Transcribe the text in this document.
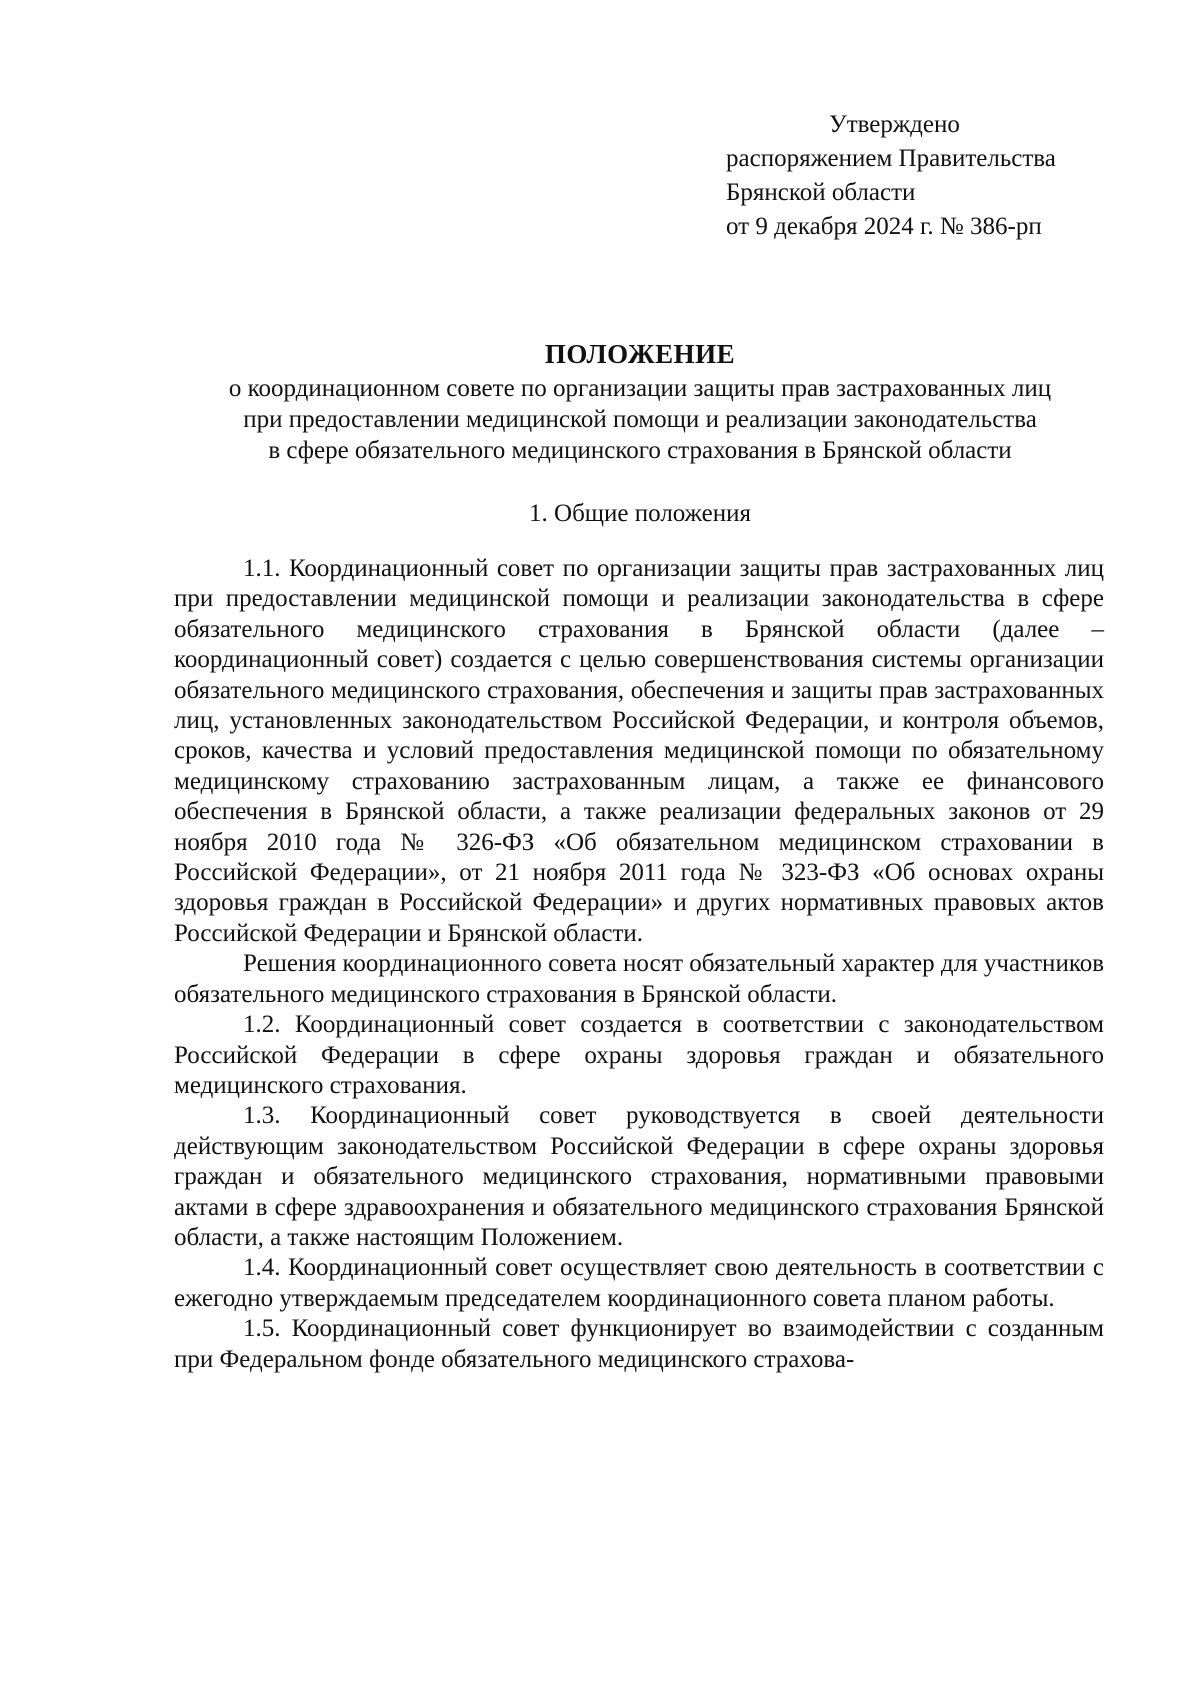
Утверждено
распоряжением Правительства
Брянской области
от 9 декабря 2024 г. № 386-рп
ПОЛОЖЕНИЕ
о координационном совете по организации защиты прав застрахованных лиц
при предоставлении медицинской помощи и реализации законодательства
в сфере обязательного медицинского страхования в Брянской области
1. Общие положения

1.1. Координационный совет по организации защиты прав застрахованных лиц при предоставлении медицинской помощи и реализации законодательства в сфере обязательного медицинского страхования в Брянской области (далее – координационный совет) создается с целью совершенствования системы организации обязательного медицинского страхования, обеспечения и защиты прав застрахованных лиц, установленных законодательством Российской Федерации, и контроля объемов, сроков, качества и условий предоставления медицинской помощи по обязательному медицинскому страхованию застрахованным лицам, а также ее финансового обеспечения в Брянской области, а также реализации федеральных законов от 29 ноября 2010 года № 326-ФЗ «Об обязательном медицинском страховании в Российской Федерации», от 21 ноября 2011 года № 323-ФЗ «Об основах охраны здоровья граждан в Российской Федерации» и других нормативных правовых актов Российской Федерации и Брянской области.

Решения координационного совета носят обязательный характер для участников обязательного медицинского страхования в Брянской области.

1.2. Координационный совет создается в соответствии с законодательством Российской Федерации в сфере охраны здоровья граждан и обязательного медицинского страхования.

1.3. Координационный совет руководствуется в своей деятельности действующим законодательством Российской Федерации в сфере охраны здоровья граждан и обязательного медицинского страхования, нормативными правовыми актами в сфере здравоохранения и обязательного медицинского страхования Брянской области, а также настоящим Положением.

1.4. Координационный совет осуществляет свою деятельность в соответствии с ежегодно утверждаемым председателем координационного совета планом работы.

1.5. Координационный совет функционирует во взаимодействии с созданным при Федеральном фонде обязательного медицинского страхова-
